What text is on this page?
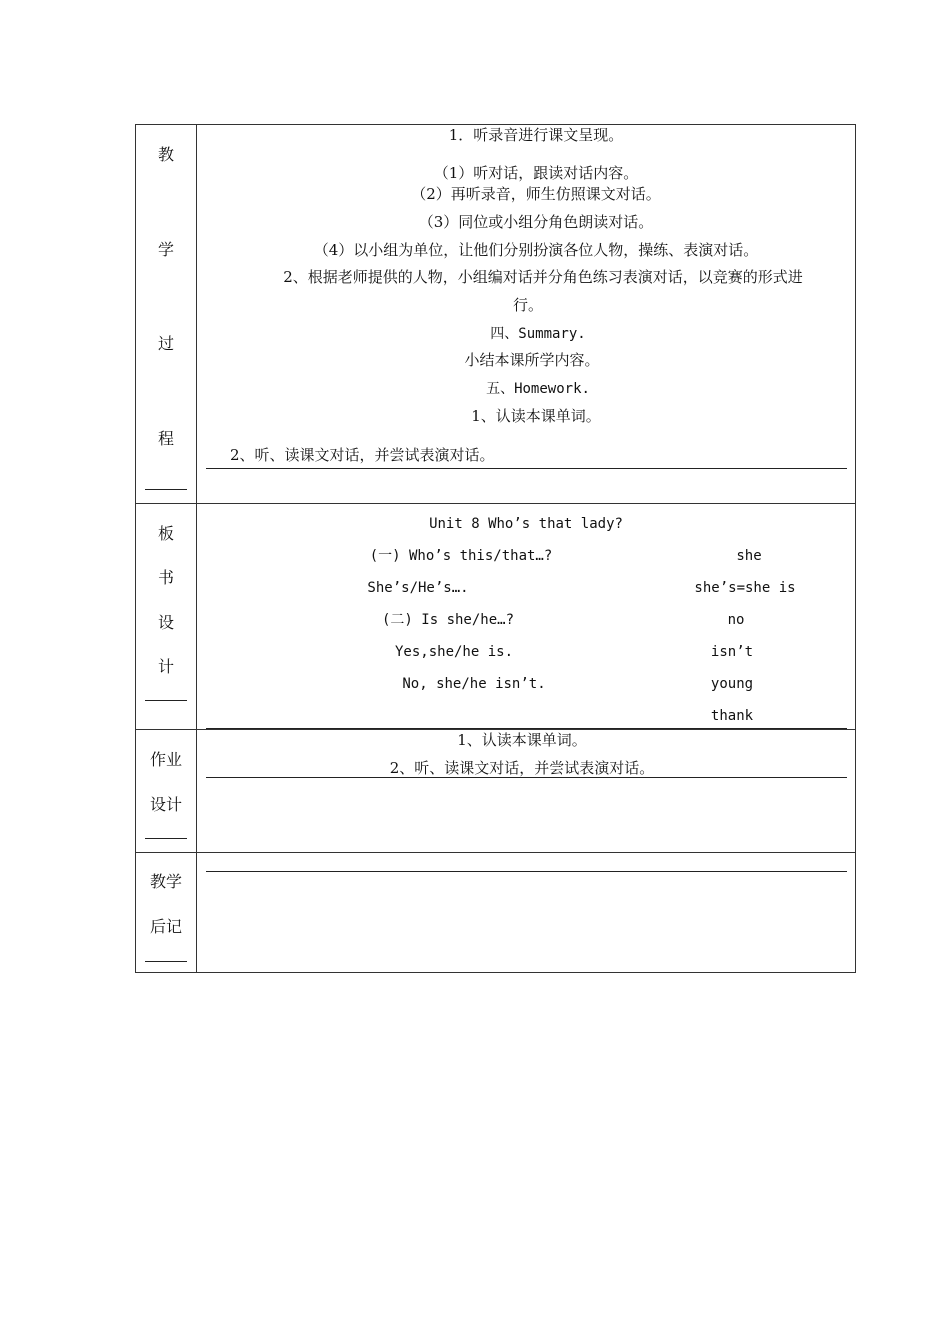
教
学
过
程
1．听录音进行课文呈现。
（1）听对话，跟读对话内容。
（2）再听录音，师生仿照课文对话。
（3）同位或小组分角色朗读对话。
（4）以小组为单位，让他们分别扮演各位人物，操练、表演对话。
2、根据老师提供的人物，小组编对话并分角色练习表演对话，以竞赛的形式进
行。
四、Summary.
小结本课所学内容。
五、Homework.
1、认读本课单词。
2、听、读课文对话，并尝试表演对话。
板
书
设
计
Unit 8 Who’s that lady?
(一) Who’s this/that…?
She’s/He’s….
(二) Is she/he…?
Yes,she/he is.
No, she/he isn’t.
she
she’s=she is
no
isn’t
young
thank
作业
设计
1、认读本课单词。
2、听、读课文对话，并尝试表演对话。
教学
后记
